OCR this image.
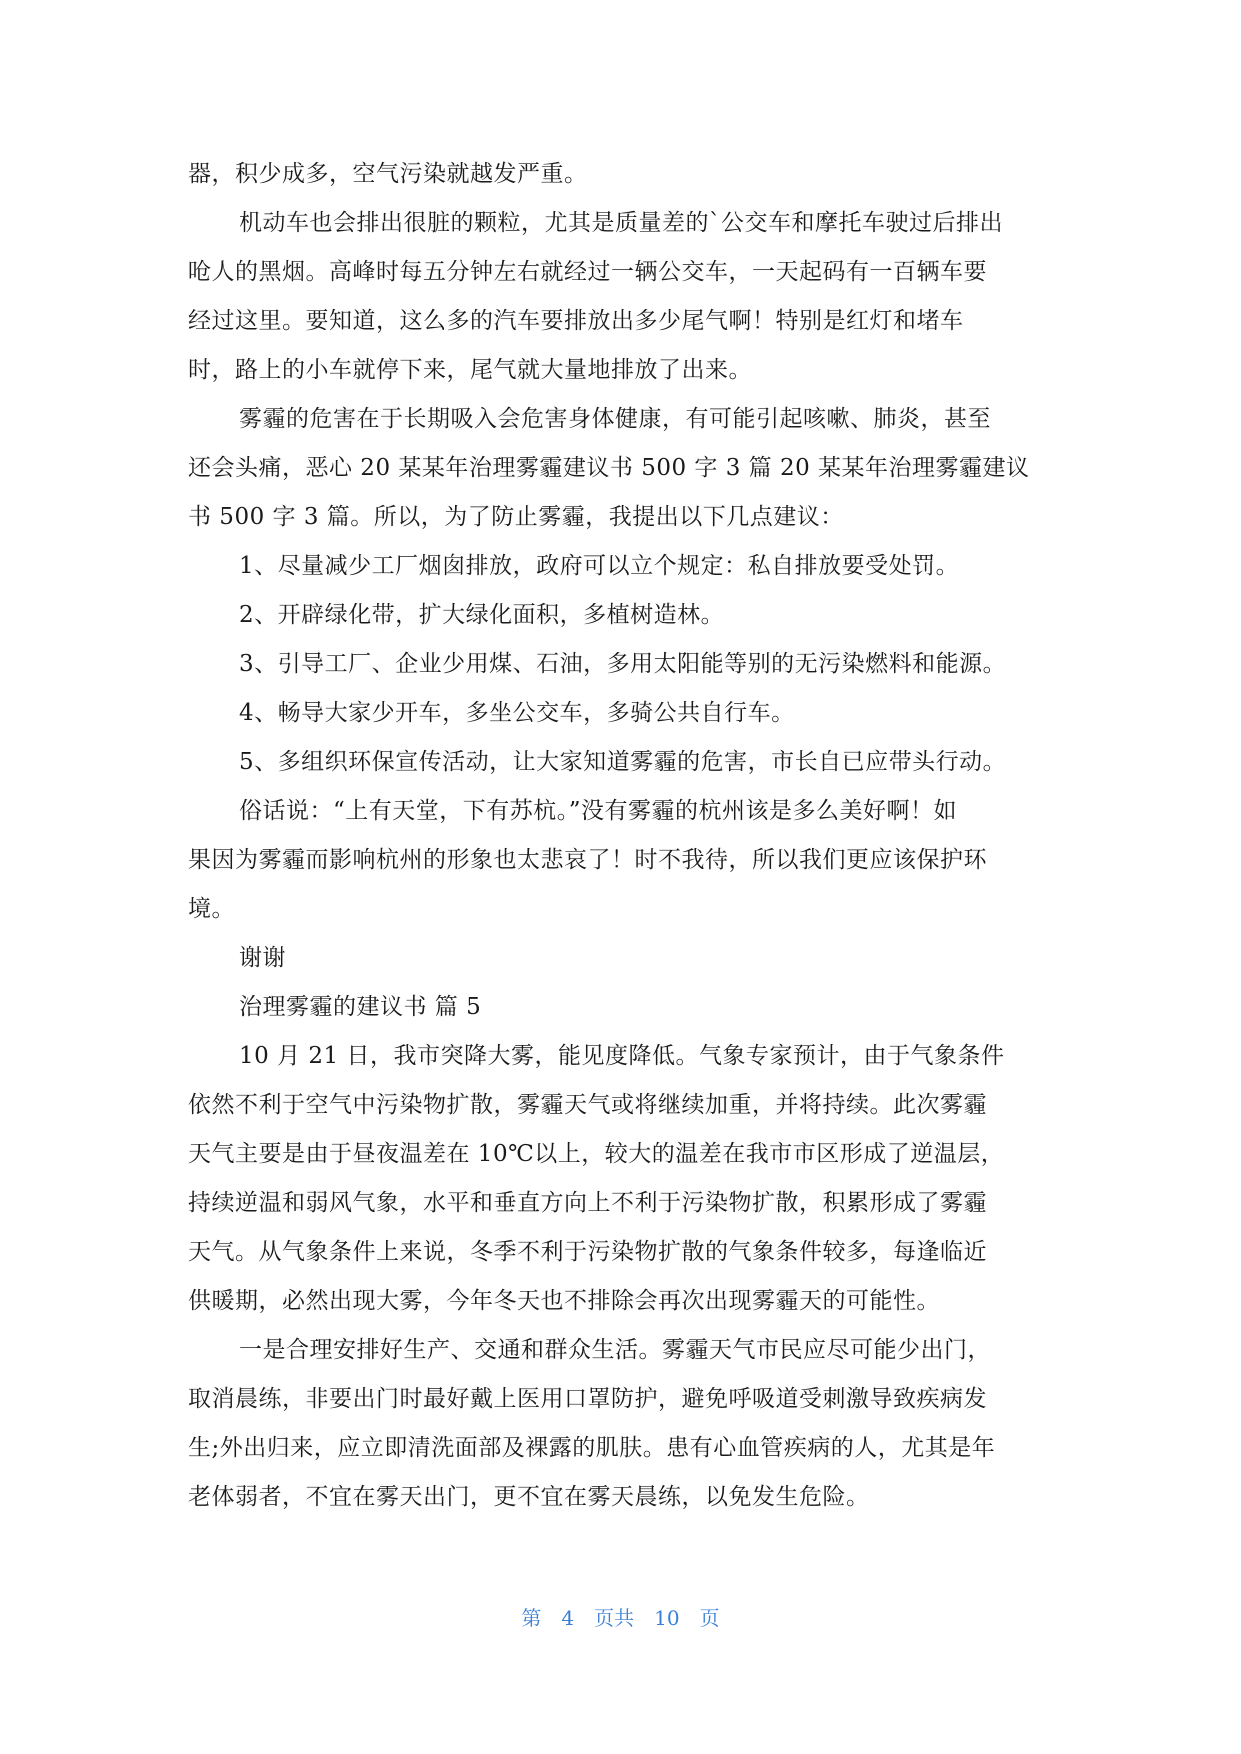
器，积少成多，空气污染就越发严重。
机动车也会排出很脏的颗粒，尤其是质量差的`公交车和摩托车驶过后排出
呛人的黑烟。高峰时每五分钟左右就经过一辆公交车，一天起码有一百辆车要
经过这里。要知道，这么多的汽车要排放出多少尾气啊！特别是红灯和堵车
时，路上的小车就停下来，尾气就大量地排放了出来。
雾霾的危害在于长期吸入会危害身体健康，有可能引起咳嗽、肺炎，甚至
还会头痛，恶心 20 某某年治理雾霾建议书 500 字 3 篇 20 某某年治理雾霾建议
书 500 字 3 篇。所以，为了防止雾霾，我提出以下几点建议：
1、尽量减少工厂烟囱排放，政府可以立个规定：私自排放要受处罚。
2、开辟绿化带，扩大绿化面积，多植树造林。
3、引导工厂、企业少用煤、石油，多用太阳能等别的无污染燃料和能源。
4、畅导大家少开车，多坐公交车，多骑公共自行车。
5、多组织环保宣传活动，让大家知道雾霾的危害，市长自已应带头行动。
俗话说：“上有天堂，下有苏杭。”没有雾霾的杭州该是多么美好啊！如
果因为雾霾而影响杭州的形象也太悲哀了！时不我待，所以我们更应该保护环
境。
谢谢
治理雾霾的建议书 篇 5
10 月 21 日，我市突降大雾，能见度降低。气象专家预计，由于气象条件
依然不利于空气中污染物扩散，雾霾天气或将继续加重，并将持续。此次雾霾
天气主要是由于昼夜温差在 10℃以上，较大的温差在我市市区形成了逆温层，
持续逆温和弱风气象，水平和垂直方向上不利于污染物扩散，积累形成了雾霾
天气。从气象条件上来说，冬季不利于污染物扩散的气象条件较多，每逢临近
供暖期，必然出现大雾，今年冬天也不排除会再次出现雾霾天的可能性。
一是合理安排好生产、交通和群众生活。雾霾天气市民应尽可能少出门，
取消晨练，非要出门时最好戴上医用口罩防护，避免呼吸道受刺激导致疾病发
生;外出归来，应立即清洗面部及裸露的肌肤。患有心血管疾病的人，尤其是年
老体弱者，不宜在雾天出门，更不宜在雾天晨练，以免发生危险。
第 4 页共 10 页
